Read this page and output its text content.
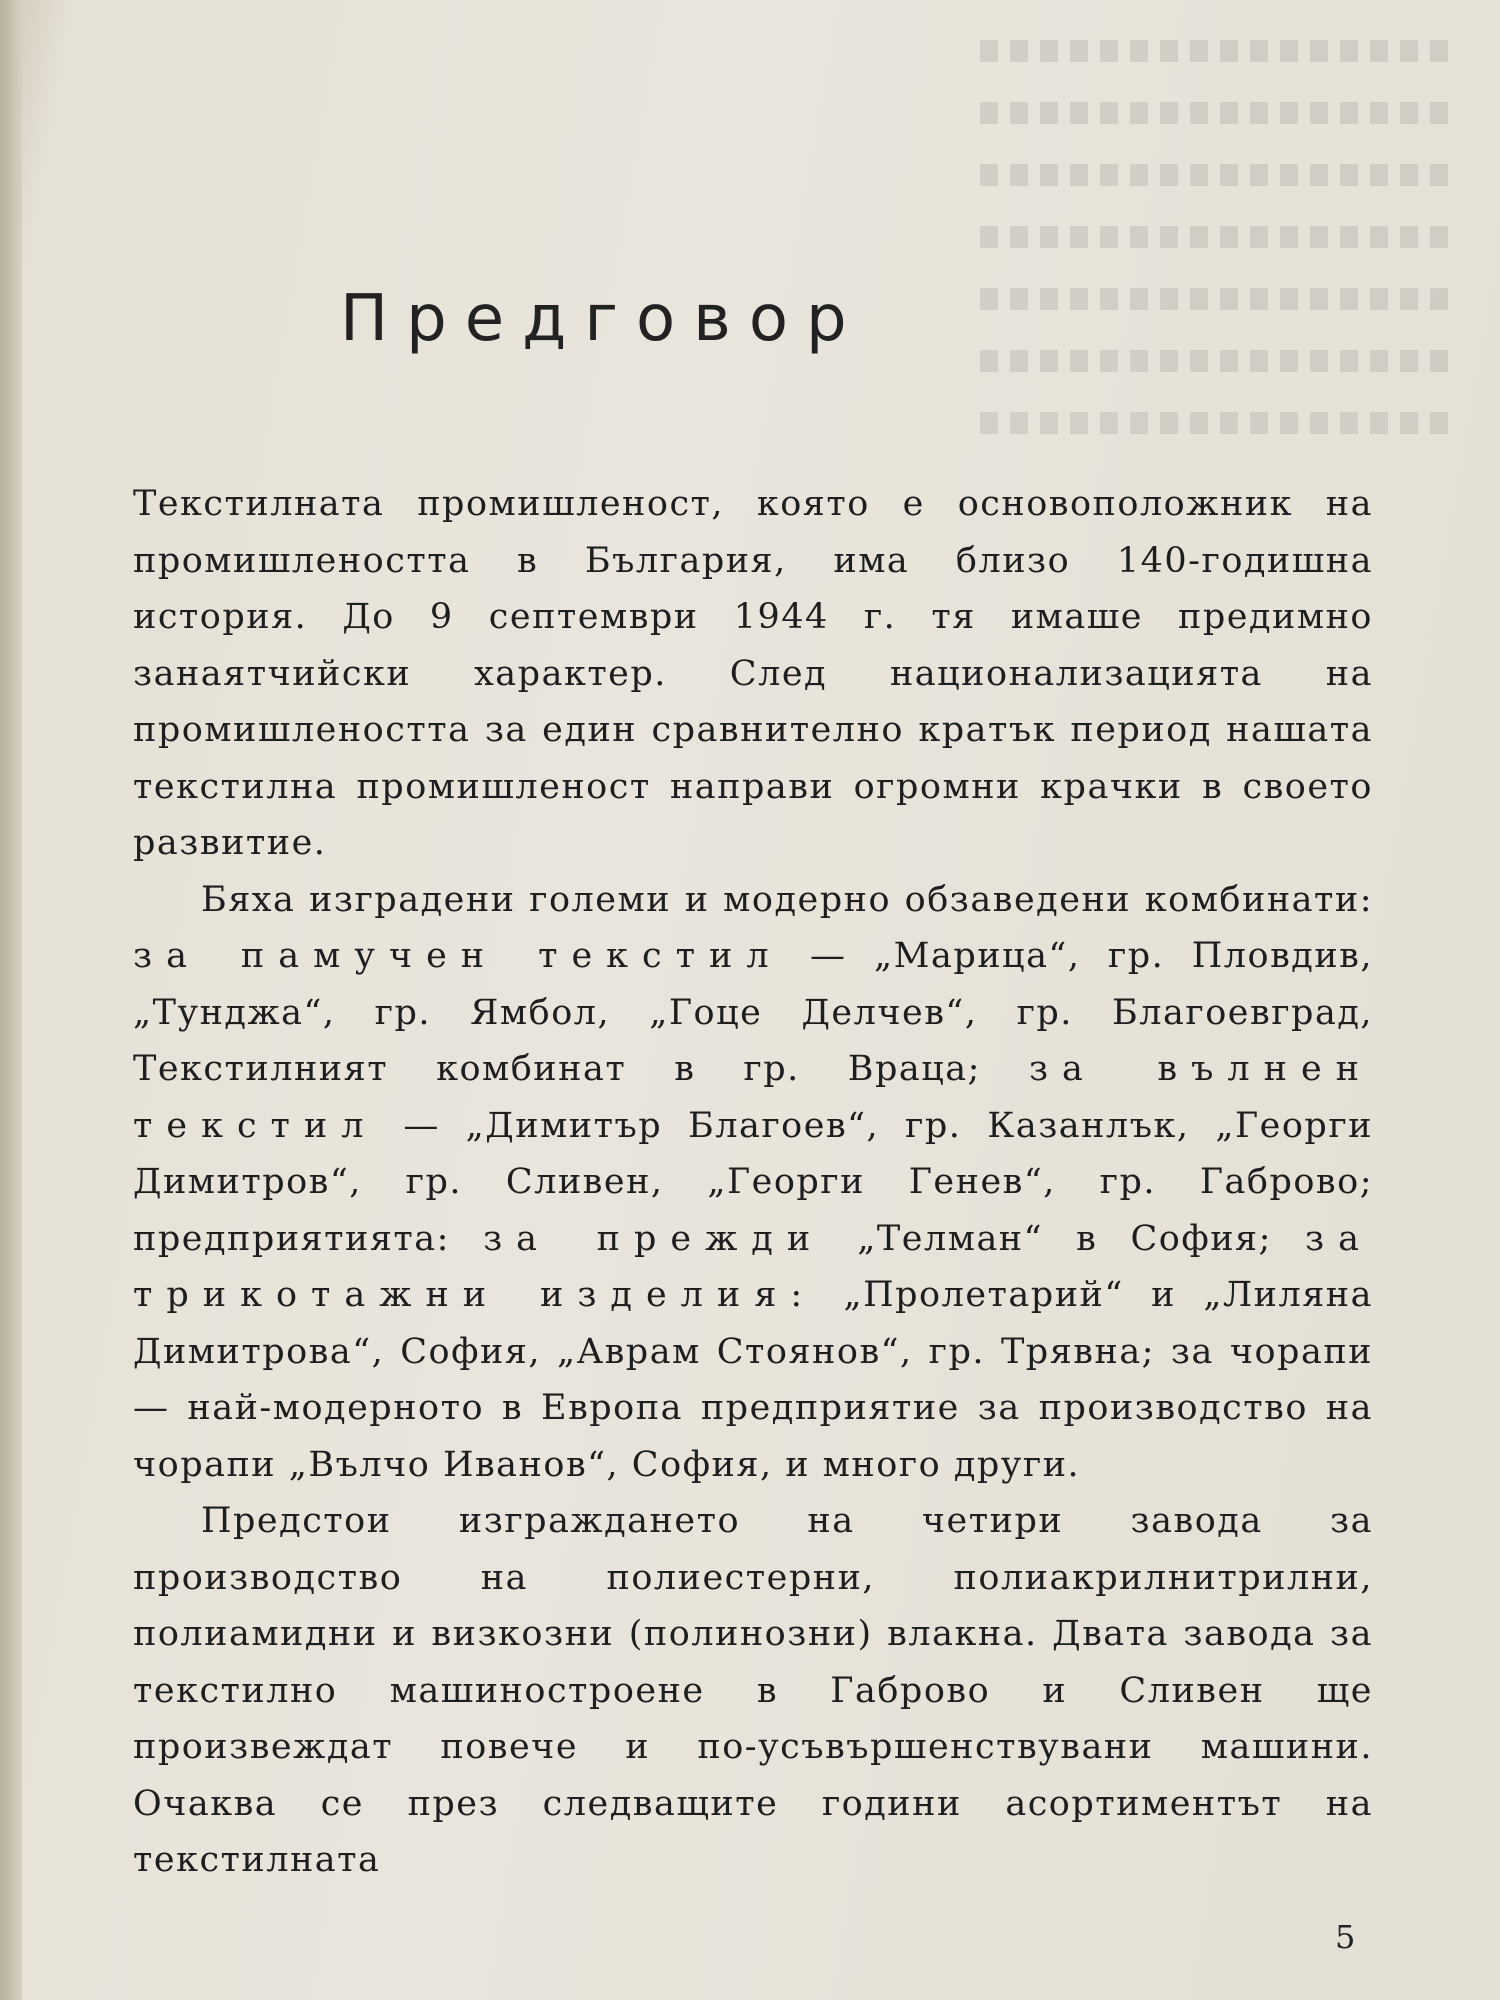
Предговор

Текстилната промишленост, която е основоположник на промишлеността в България, има близо 140-годишна история. До 9 септември 1944 г. тя имаше предимно занаятчийски характер. След национализацията на промишлеността за един сравнително кратък период нашата текстилна промишленост направи огромни крачки в своето развитие.

Бяха изградени големи и модерно обзаведени комбинати: за памучен текстил — „Марица“, гр. Пловдив, „Тунджа“, гр. Ямбол, „Гоце Делчев“, гр. Благоевград, Текстилният комбинат в гр. Враца; за вълнен текстил — „Димитър Благоев“, гр. Казанлък, „Георги Димитров“, гр. Сливен, „Георги Генев“, гр. Габрово; предприятията: за прежди „Телман“ в София; за трикотажни изделия: „Пролетарий“ и „Лиляна Димитрова“, София, „Аврам Стоянов“, гр. Трявна; за чорапи — най-модерното в Европа предприятие за производство на чорапи „Вълчо Иванов“, София, и много други.

Предстои изграждането на четири завода за производство на полиестерни, полиакрилнитрилни, полиамидни и визкозни (полинозни) влакна. Двата завода за текстилно машиностроене в Габрово и Сливен ще произвеждат повече и по-усъвършенствувани машини. Очаква се през следващите години асортиментът на текстилната

5
